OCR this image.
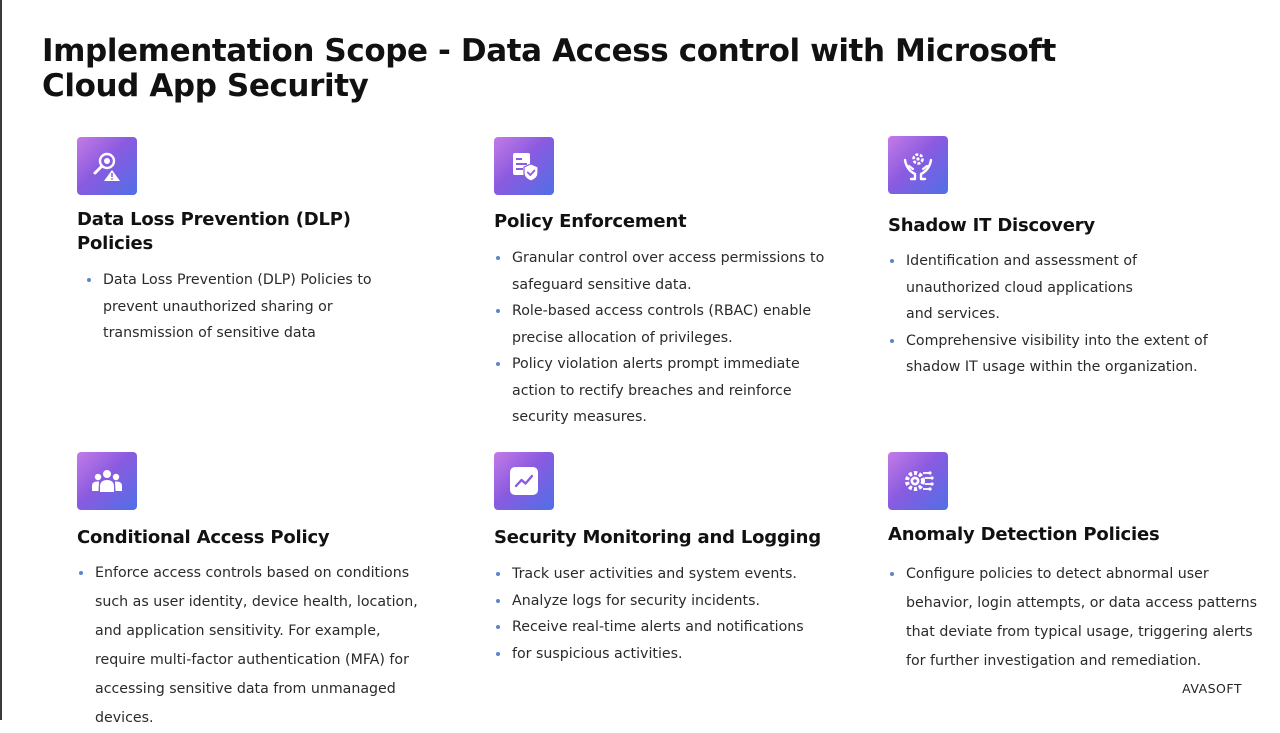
Implementation Scope - Data Access control with Microsoft Cloud App Security
Data Loss Prevention (DLP) Policies
Data Loss Prevention (DLP) Policies to prevent unauthorized sharing or transmission of sensitive data
Policy Enforcement
Granular control over access permissions to safeguard sensitive data.
Role-based access controls (RBAC) enable precise allocation of privileges.
Policy violation alerts prompt immediate action to rectify breaches and reinforce security measures.
Shadow IT Discovery
Identification and assessment of unauthorized cloud applications and services.
Comprehensive visibility into the extent of shadow IT usage within the organization.
Conditional Access Policy
Enforce access controls based on conditions such as user identity, device health, location, and application sensitivity. For example, require multi-factor authentication (MFA) for accessing sensitive data from unmanaged devices.
Security Monitoring and Logging
Track user activities and system events.
Analyze logs for security incidents.
Receive real-time alerts and notifications
for suspicious activities.
Anomaly Detection Policies
Configure policies to detect abnormal user behavior, login attempts, or data access patterns that deviate from typical usage, triggering alerts for further investigation and remediation.
AVASOFT
